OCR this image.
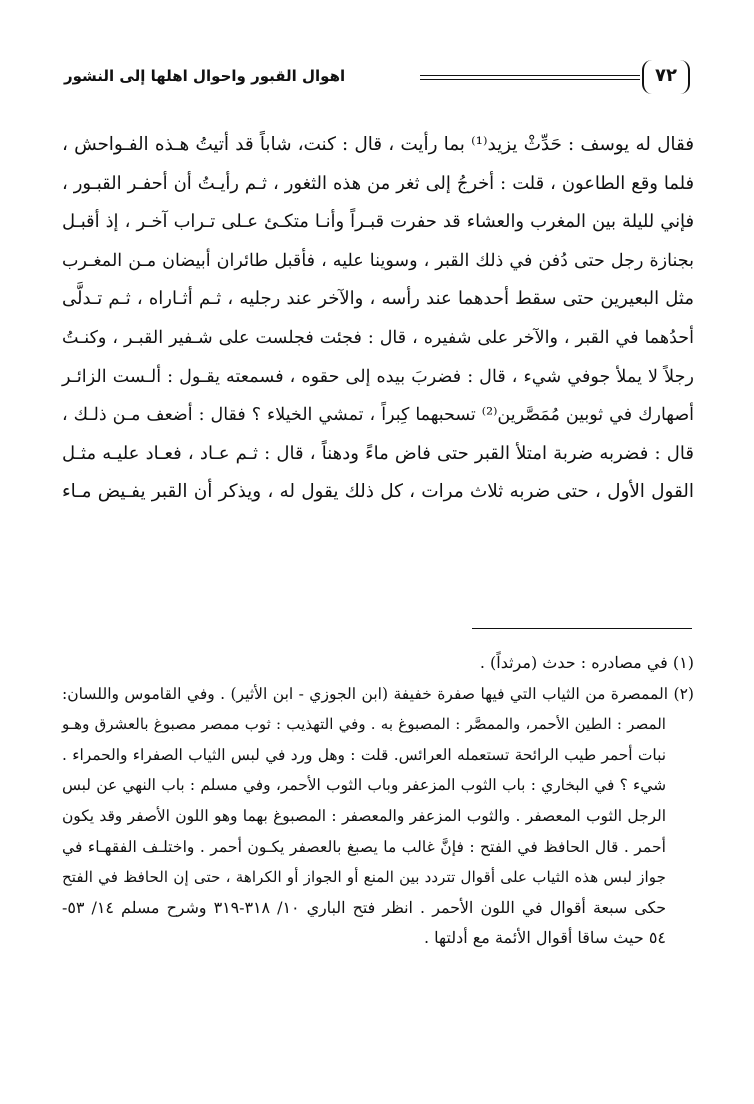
٧٢
اهوال القبور واحوال اهلها إلى النشور
فقال له يوسف : حَدِّثْ يزيد⁽¹⁾ بما رأيت ، قال : كنت، شاباً قد أتيتُ هـذه الفـواحش ،
فلما وقع الطاعون ، قلت : أخرجُ إلى ثغر من هذه الثغور ، ثـم رأيـتُ أن أحفـر القبـور ،
فإني لليلة بين المغرب والعشاء قد حفرت قبـراً وأنـا متكـئ عـلى تـراب آخـر ، إذ أقبـل
بجنازة رجل حتى دُفن في ذلك القبر ، وسوينا عليه ، فأقبل طائران أبيضان مـن المغـرب
مثل البعيرين حتى سقط أحدهما عند رأسه ، والآخر عند رجليه ، ثـم أثـاراه ، ثـم تـدلَّى
أحدُهما في القبر ، والآخر على شفيره ، قال : فجئت فجلست على شـفير القبـر ، وكنـتُ
رجلاً لا يملأ جوفي شيء ، قال : فضربَ بيده إلى حقوه ، فسمعته يقـول : ألـست الزائـر
أصهارك في ثوبين مُمَصَّرين⁽²⁾ تسحبهما كِبراً ، تمشي الخيلاء ؟ فقال : أضعف مـن ذلـك ،
قال : فضربه ضربة امتلأ القبر حتى فاض ماءً ودهناً ، قال : ثـم عـاد ، فعـاد عليـه مثـل
القول الأول ، حتى ضربه ثلاث مرات ، كل ذلك يقول له ، ويذكر أن القبر يفـيض مـاء
(١) في مصادره : حدث (مرثداً) .
(٢) الممصرة من الثياب التي فيها صفرة خفيفة (ابن الجوزي - ابن الأثير) . وفي القاموس واللسان:
المصر : الطين الأحمر، والممصَّر : المصبوغ به . وفي التهذيب : ثوب ممصر مصبوغ بالعشرق وهـو
نبات أحمر طيب الرائحة تستعمله العرائس. قلت : وهل ورد في لبس الثياب الصفراء والحمراء .
شيء ؟ في البخاري : باب الثوب المزعفر وباب الثوب الأحمر، وفي مسلم : باب النهي عن لبس
الرجل الثوب المعصفر . والثوب المزعفر والمعصفر : المصبوغ بهما وهو اللون الأصفر وقد يكون
أحمر . قال الحافظ في الفتح : فإنَّ غالب ما يصبغ بالعصفر يكـون أحمر . واختلـف الفقهـاء في
جواز لبس هذه الثياب على أقوال تتردد بين المنع أو الجواز أو الكراهة ، حتى إن الحافظ في الفتح
حكى سبعة أقوال في اللون الأحمر . انظر فتح الباري ١٠/ ٣١٨-٣١٩ وشرح مسلم ١٤/ ٥٣-
٥٤ حيث ساقا أقوال الأئمة مع أدلتها .
